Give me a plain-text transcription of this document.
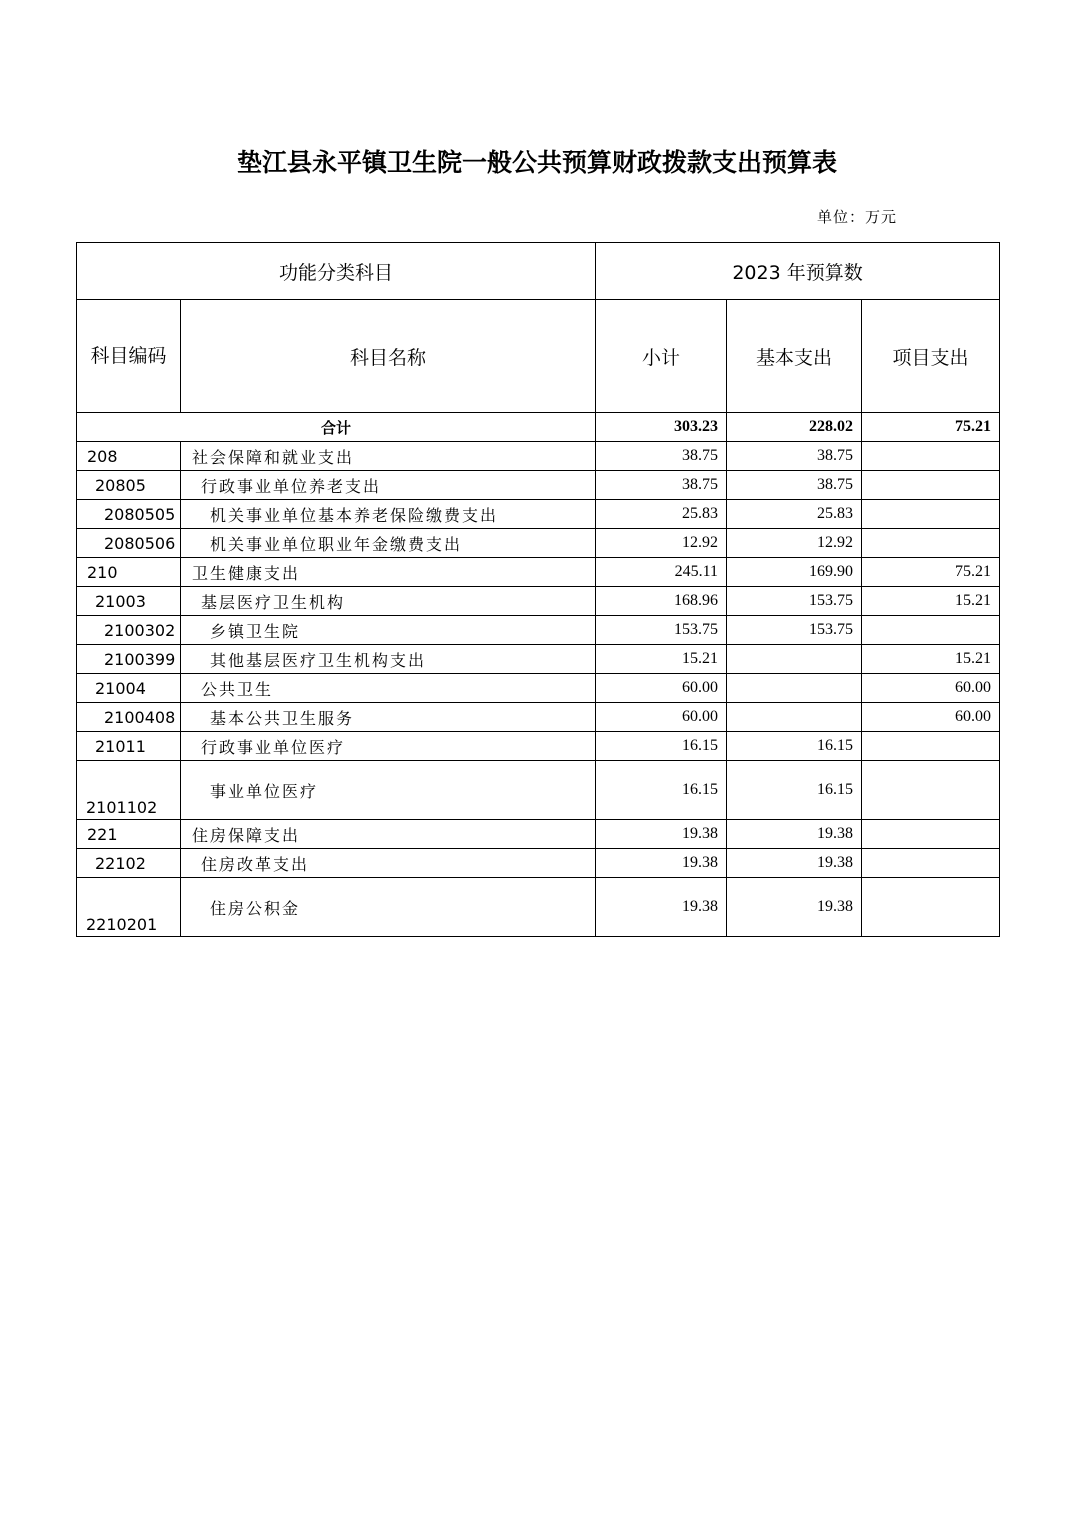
垫江县永平镇卫生院一般公共预算财政拨款支出预算表
单位：万元
功能分类科目		2023 年预算数		
科目编码	科目名称	小计	基本支出	项目支出
合计		303.23	228.02	75.21
208	社会保障和就业支出	38.75	38.75	
20805	行政事业单位养老支出	38.75	38.75	
2080505	机关事业单位基本养老保险缴费支出	25.83	25.83	
2080506	机关事业单位职业年金缴费支出	12.92	12.92	
210	卫生健康支出	245.11	169.90	75.21
21003	基层医疗卫生机构	168.96	153.75	15.21
2100302	乡镇卫生院	153.75	153.75	
2100399	其他基层医疗卫生机构支出	15.21		15.21
21004	公共卫生	60.00		60.00
2100408	基本公共卫生服务	60.00		60.00
21011	行政事业单位医疗	16.15	16.15	
2101102	事业单位医疗	16.15	16.15	
221	住房保障支出	19.38	19.38	
22102	住房改革支出	19.38	19.38	
2210201	住房公积金	19.38	19.38	
